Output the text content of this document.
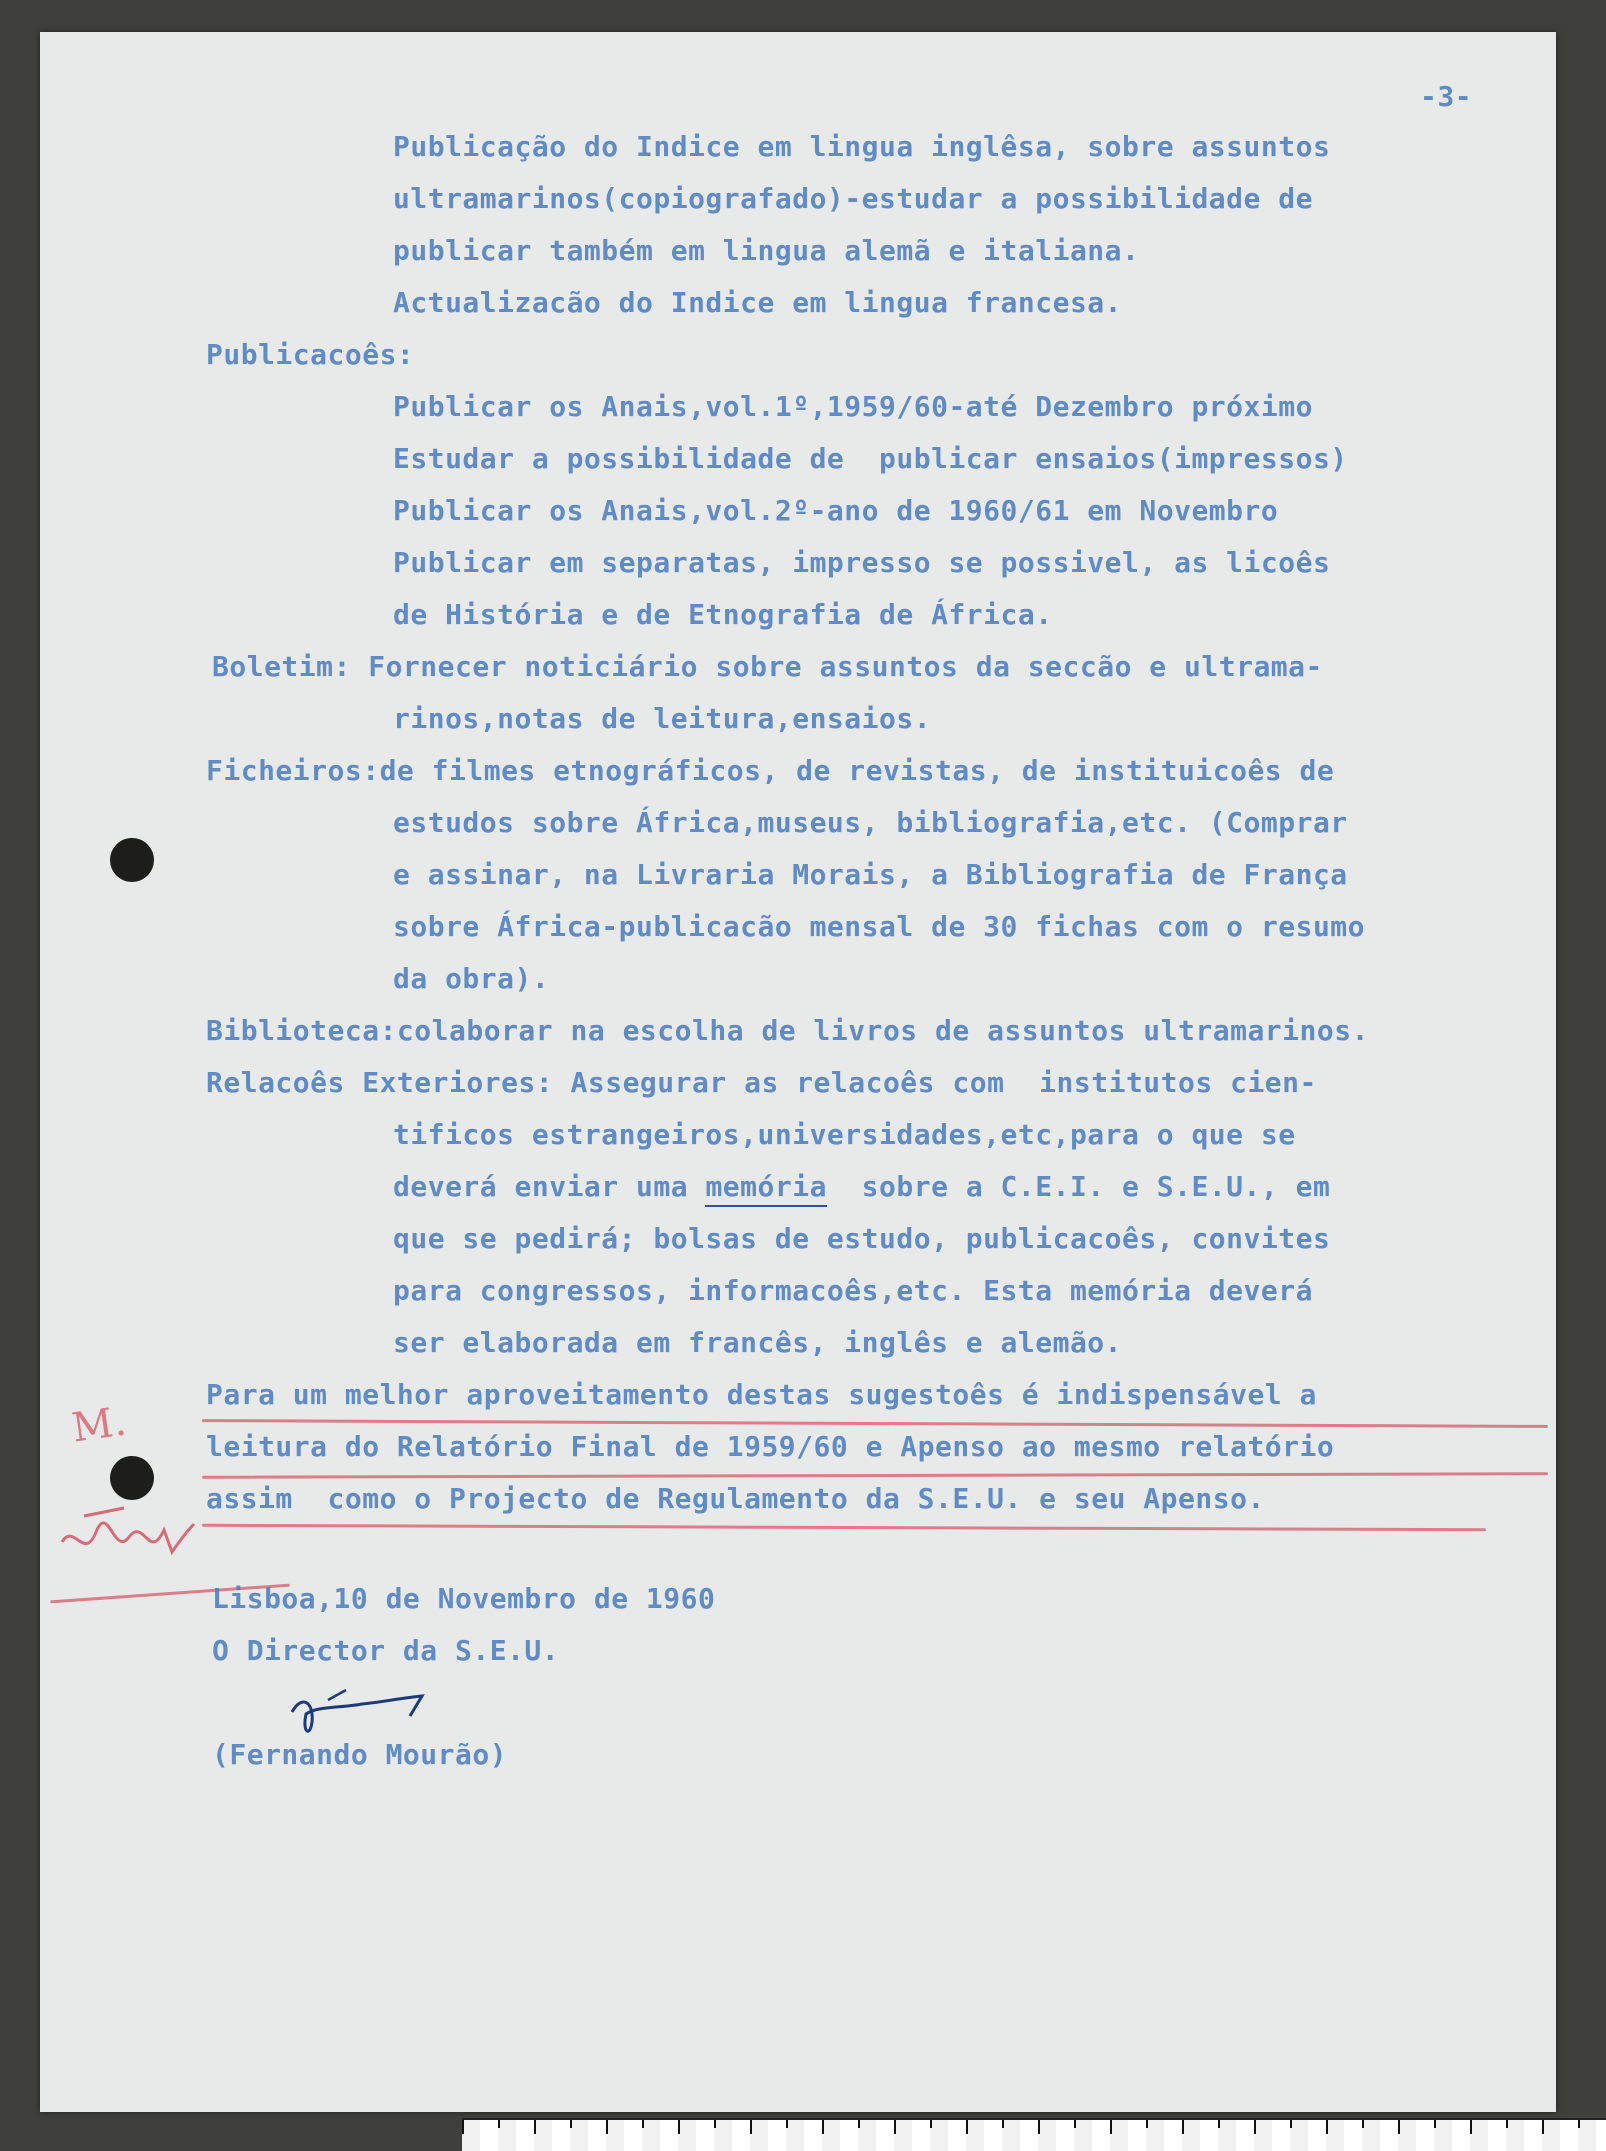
-3-
Publicação do Indice em lingua inglêsa, sobre assuntos
ultramarinos(copiografado)-estudar a possibilidade de
publicar também em lingua alemã e italiana.
Actualizacão do Indice em lingua francesa.
Publicacoês:
Publicar os Anais,vol.1º,1959/60-até Dezembro próximo
Estudar a possibilidade de  publicar ensaios(impressos)
Publicar os Anais,vol.2º-ano de 1960/61 em Novembro
Publicar em separatas, impresso se possivel, as licoês
de História e de Etnografia de África.
Boletim: Fornecer noticiário sobre assuntos da seccão e ultrama-
rinos,notas de leitura,ensaios.
Ficheiros:de filmes etnográficos, de revistas, de instituicoês de
estudos sobre África,museus, bibliografia,etc. (Comprar
e assinar, na Livraria Morais, a Bibliografia de França
sobre África-publicacão mensal de 30 fichas com o resumo
da obra).
Biblioteca:colaborar na escolha de livros de assuntos ultramarinos.
Relacoês Exteriores: Assegurar as relacoês com  institutos cien-
tificos estrangeiros,universidades,etc,para o que se
deverá enviar uma memória  sobre a C.E.I. e S.E.U., em
que se pedirá; bolsas de estudo, publicacoês, convites
para congressos, informacoês,etc. Esta memória deverá
ser elaborada em francês, inglês e alemão.
Para um melhor aproveitamento destas sugestoês é indispensável a
leitura do Relatório Final de 1959/60 e Apenso ao mesmo relatório
assim  como o Projecto de Regulamento da S.E.U. e seu Apenso.
M.
Lisboa,10 de Novembro de 1960
O Director da S.E.U.
(Fernando Mourão)
